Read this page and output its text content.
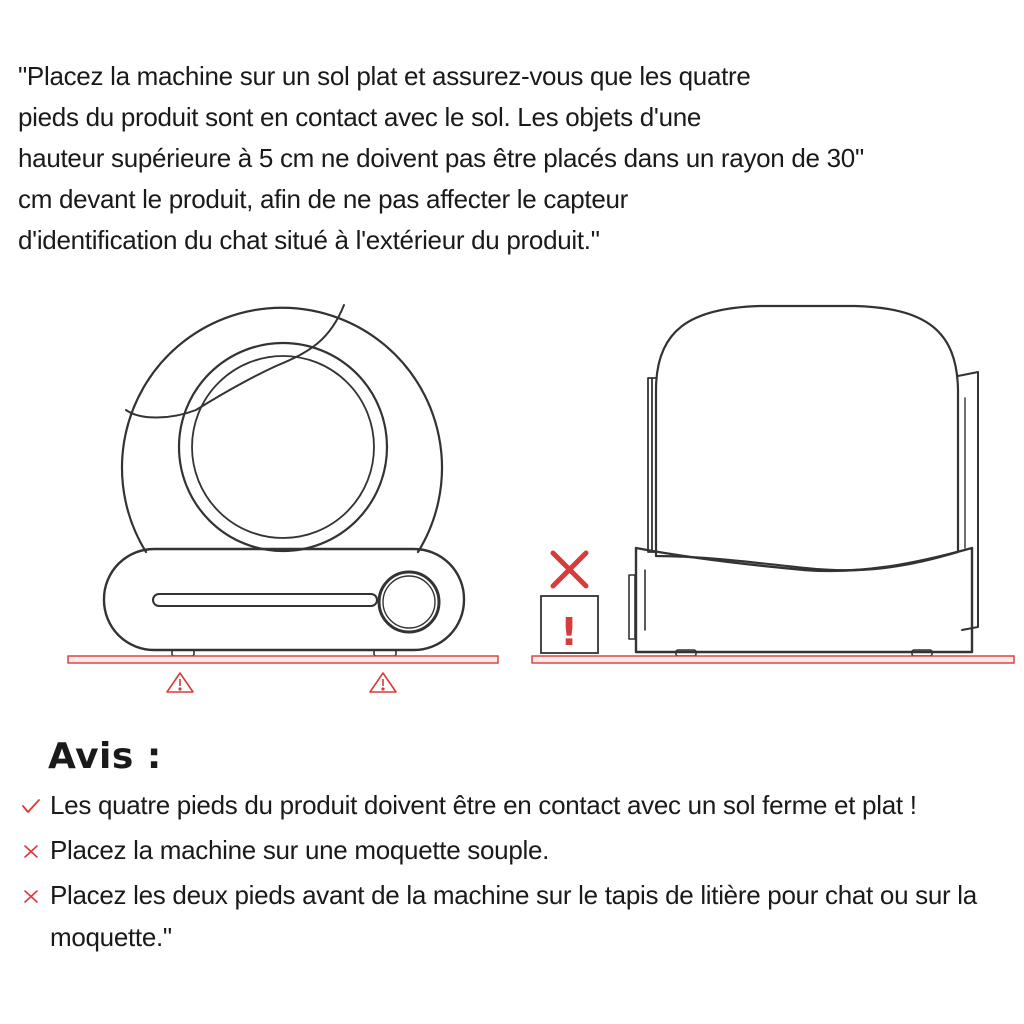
"Placez la machine sur un sol plat et assurez-vous que les quatre
pieds du produit sont en contact avec le sol. Les objets d'une
hauteur supérieure à 5 cm ne doivent pas être placés dans un rayon de 30"
cm devant le produit, afin de ne pas affecter le capteur
d'identification du chat situé à l'extérieur du produit."
!
Avis :
Les quatre pieds du produit doivent être en contact avec un sol ferme et plat !
Placez la machine sur une moquette souple.
Placez les deux pieds avant de la machine sur le tapis de litière pour chat ou sur la moquette."
